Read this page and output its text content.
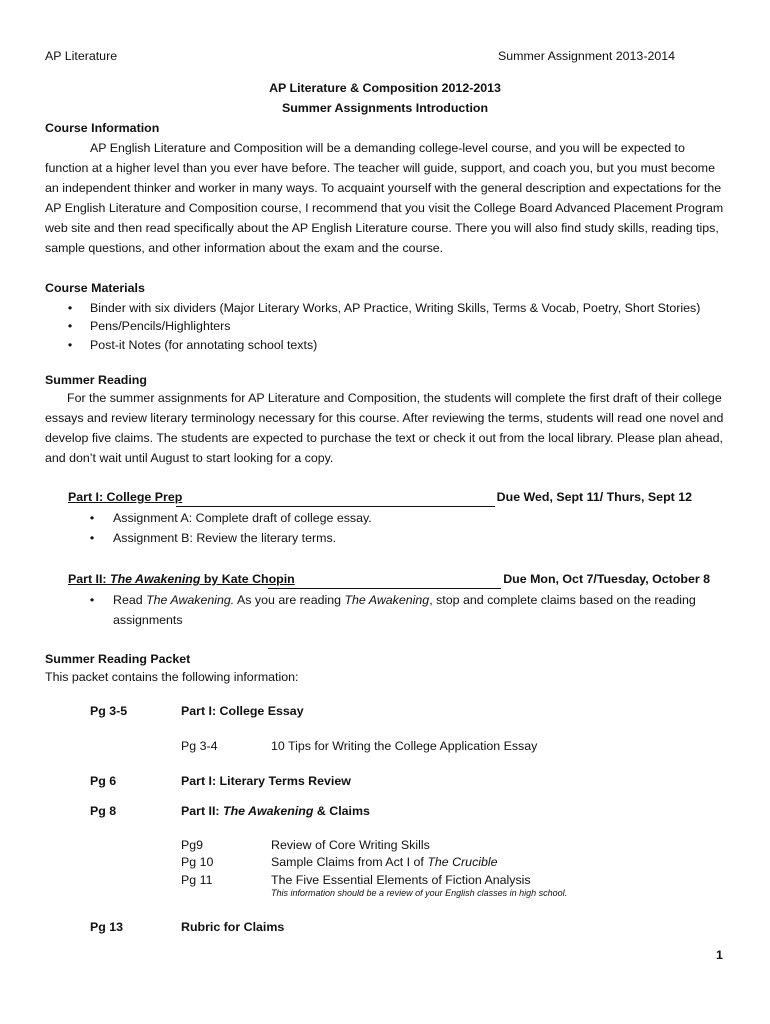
AP Literature	Summer Assignment 2013-2014
AP Literature & Composition 2012-2013
Summer Assignments Introduction
Course Information
AP English Literature and Composition will be a demanding college-level course, and you will be expected to function at a higher level than you ever have before. The teacher will guide, support, and coach you, but you must become an independent thinker and worker in many ways. To acquaint yourself with the general description and expectations for the AP English Literature and Composition course, I recommend that you visit the College Board Advanced Placement Program web site and then read specifically about the AP English Literature course. There you will also find study skills, reading tips, sample questions, and other information about the exam and the course.
Course Materials
• Binder with six dividers (Major Literary Works, AP Practice, Writing Skills, Terms & Vocab, Poetry, Short Stories)
• Pens/Pencils/Highlighters
• Post-it Notes (for annotating school texts)
Summer Reading
For the summer assignments for AP Literature and Composition, the students will complete the first draft of their college essays and review literary terminology necessary for this course. After reviewing the terms, students will read one novel and develop five claims. The students are expected to purchase the text or check it out from the local library. Please plan ahead, and don’t wait until August to start looking for a copy.
Part I: College Prep	Due Wed, Sept 11/ Thurs, Sept 12
• Assignment A: Complete draft of college essay.
• Assignment B: Review the literary terms.
Part II: The Awakening by Kate Chopin	Due Mon, Oct 7/Tuesday, October 8
• Read The Awakening. As you are reading The Awakening, stop and complete claims based on the reading assignments
Summer Reading Packet
This packet contains the following information:
Pg 3-5	Part I: College Essay
Pg 3-4	10 Tips for Writing the College Application Essay
Pg 6	Part I: Literary Terms Review
Pg 8	Part II: The Awakening & Claims
Pg9	Review of Core Writing Skills
Pg 10	Sample Claims from Act I of The Crucible
Pg 11	The Five Essential Elements of Fiction Analysis
This information should be a review of your English classes in high school.
Pg 13	Rubric for Claims
1
